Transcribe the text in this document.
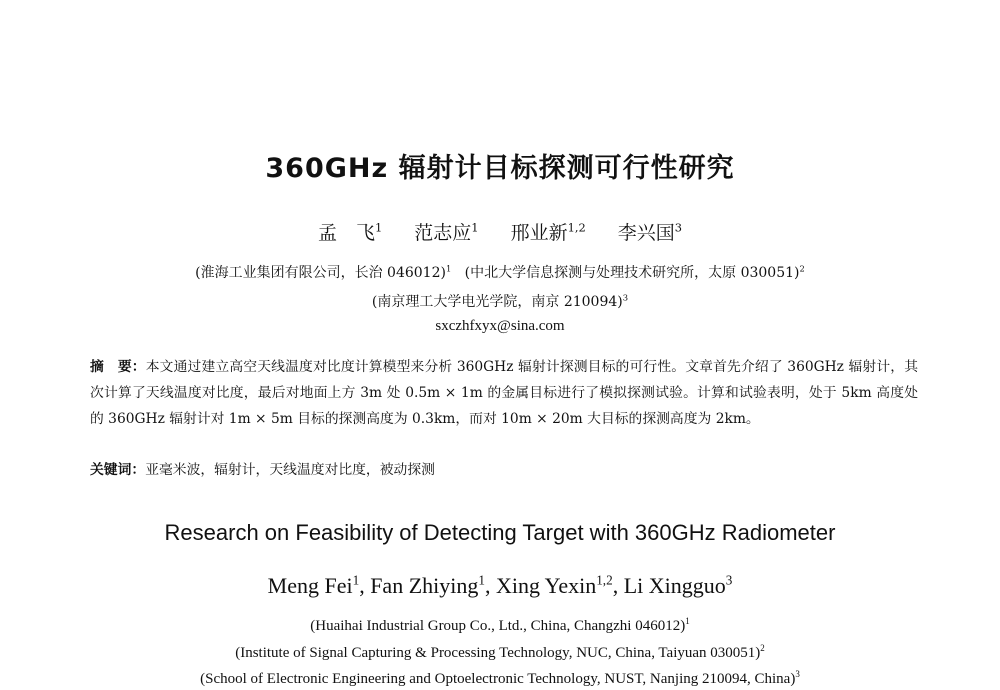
360GHz 辐射计目标探测可行性研究
孟　飞$^1$ 范志应$^1$ 邢业新$^{1,2}$ 李兴国$^3$
(淮海工业集团有限公司，长治 046012)$^1$ (中北大学信息探测与处理技术研究所，太原 030051)$^2$
(南京理工大学电光学院，南京 210094)$^3$
sxczhfxyx@sina.com
摘　要：本文通过建立高空天线温度对比度计算模型来分析 360GHz 辐射计探测目标的可行性。文章首先介绍了 360GHz 辐射计，其次计算了天线温度对比度，最后对地面上方 3m 处 0.5m × 1m 的金属目标进行了模拟探测试验。计算和试验表明，处于 5km 高度处的 360GHz 辐射计对 1m × 5m 目标的探测高度为 0.3km，而对 10m × 20m 大目标的探测高度为 2km。
关键词：亚毫米波，辐射计，天线温度对比度，被动探测
Research on Feasibility of Detecting Target with 360GHz Radiometer
Meng Fei$^1$, Fan Zhiying$^1$, Xing Yexin$^{1,2}$, Li Xingguo$^3$
(Huaihai Industrial Group Co., Ltd., China, Changzhi 046012)$^1$
(Institute of Signal Capturing & Processing Technology, NUC, China, Taiyuan 030051)$^2$
(School of Electronic Engineering and Optoelectronic Technology, NUST, Nanjing 210094, China)$^3$
